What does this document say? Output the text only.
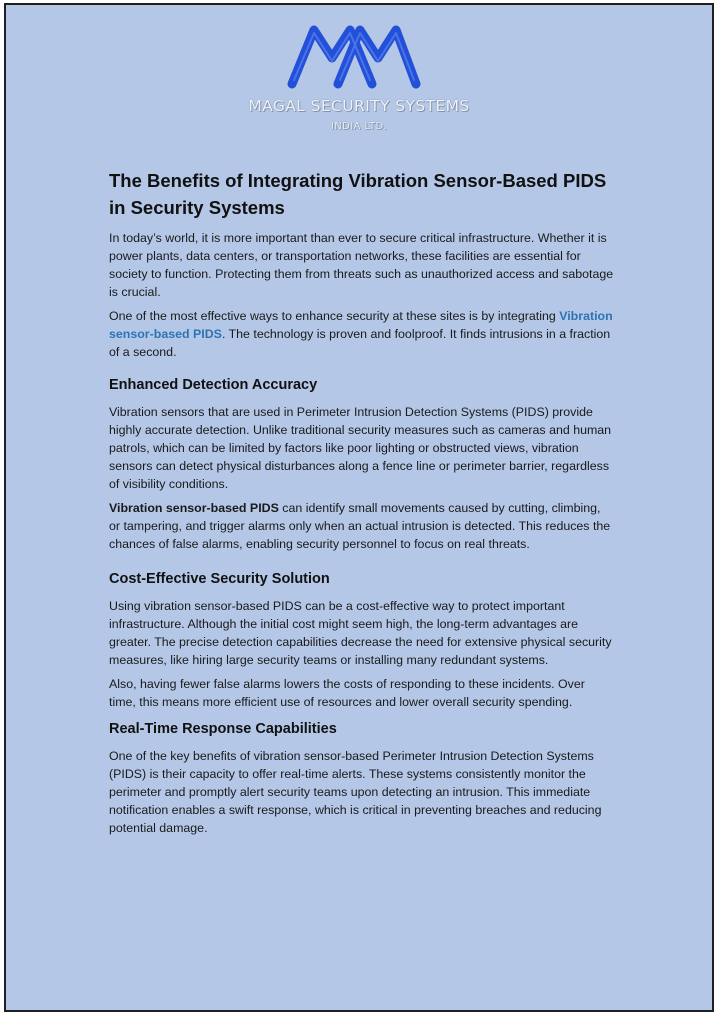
MAGAL SECURITY SYSTEMS
INDIA LTD.
The Benefits of Integrating Vibration Sensor-Based PIDS in Security Systems

In today’s world, it is more important than ever to secure critical infrastructure. Whether it is power plants, data centers, or transportation networks, these facilities are essential for society to function. Protecting them from threats such as unauthorized access and sabotage is crucial.

One of the most effective ways to enhance security at these sites is by integrating Vibration sensor-based PIDS. The technology is proven and foolproof. It finds intrusions in a fraction of a second.

Enhanced Detection Accuracy

Vibration sensors that are used in Perimeter Intrusion Detection Systems (PIDS) provide highly accurate detection. Unlike traditional security measures such as cameras and human patrols, which can be limited by factors like poor lighting or obstructed views, vibration sensors can detect physical disturbances along a fence line or perimeter barrier, regardless of visibility conditions.

Vibration sensor-based PIDS can identify small movements caused by cutting, climbing, or tampering, and trigger alarms only when an actual intrusion is detected. This reduces the chances of false alarms, enabling security personnel to focus on real threats.

Cost-Effective Security Solution

Using vibration sensor-based PIDS can be a cost-effective way to protect important infrastructure. Although the initial cost might seem high, the long-term advantages are greater. The precise detection capabilities decrease the need for extensive physical security measures, like hiring large security teams or installing many redundant systems.

Also, having fewer false alarms lowers the costs of responding to these incidents. Over time, this means more efficient use of resources and lower overall security spending.

Real-Time Response Capabilities

One of the key benefits of vibration sensor-based Perimeter Intrusion Detection Systems (PIDS) is their capacity to offer real-time alerts. These systems consistently monitor the perimeter and promptly alert security teams upon detecting an intrusion. This immediate notification enables a swift response, which is critical in preventing breaches and reducing potential damage.
